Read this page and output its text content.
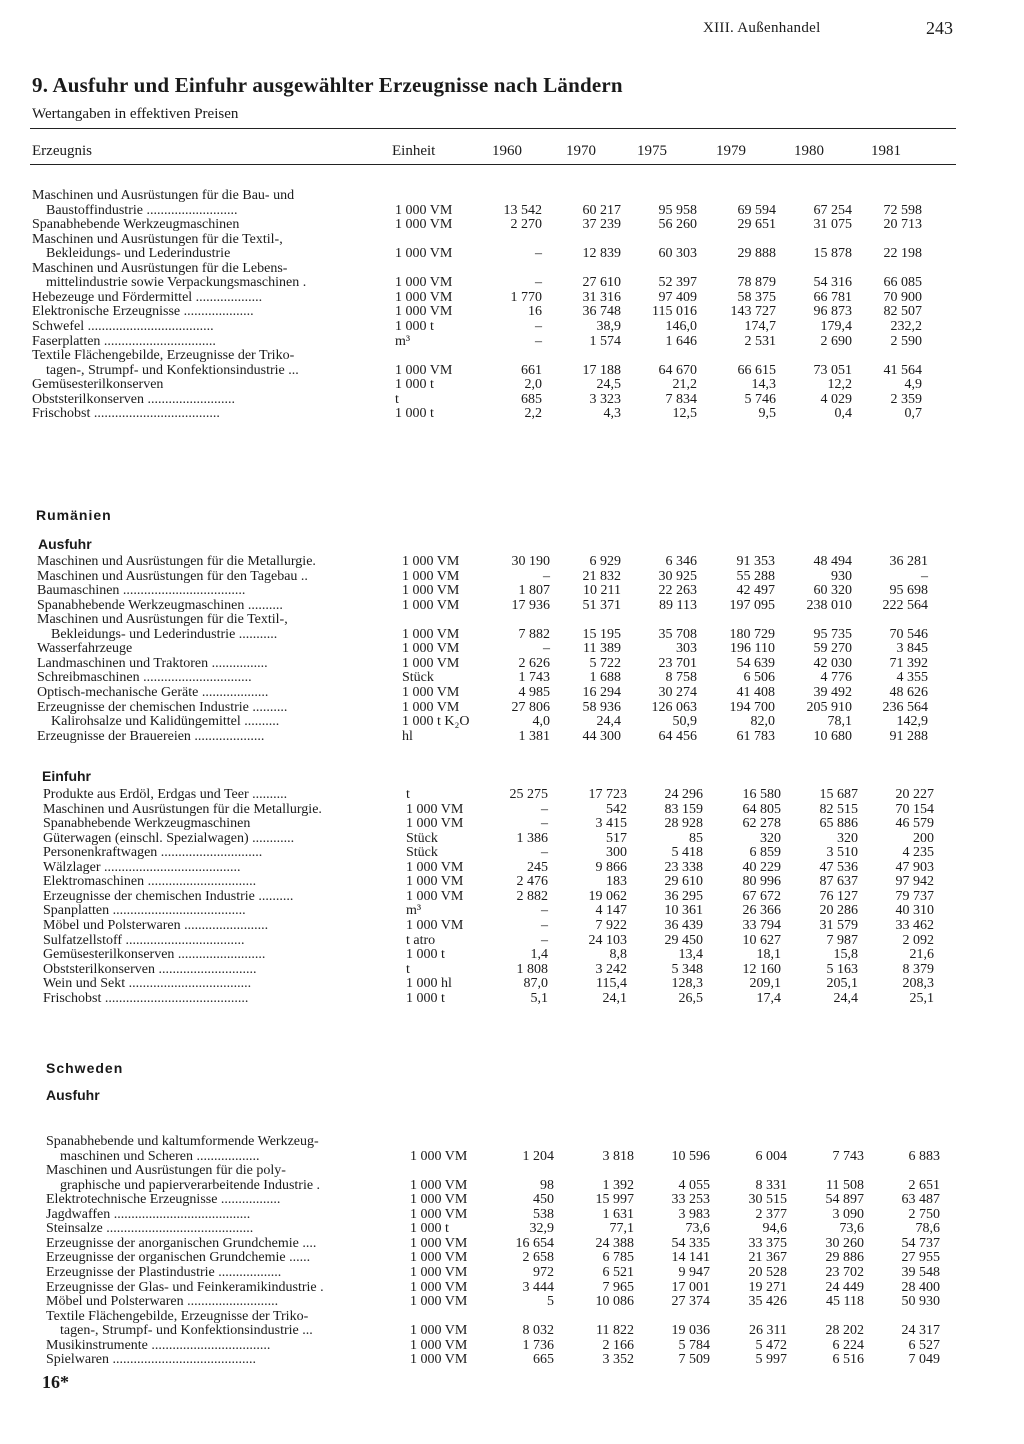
XIII. Außenhandel	243
9. Ausfuhr und Einfuhr ausgewählter Erzeugnisse nach Ländern
Wertangaben in effektiven Preisen
Erzeugnis	Einheit	1960	1970	1975	1979	1980	1981
Maschinen und Ausrüstungen für die Bau- und
Baustoffindustrie ..........................	1 000 VM	13 542	60 217	95 958	69 594	67 254	72 598
Spanabhebende Werkzeugmaschinen	1 000 VM	2 270	37 239	56 260	29 651	31 075	20 713
Maschinen und Ausrüstungen für die Textil-,
Bekleidungs- und Lederindustrie	1 000 VM	–	12 839	60 303	29 888	15 878	22 198
Maschinen und Ausrüstungen für die Lebens-
mittelindustrie sowie Verpackungsmaschinen .	1 000 VM	–	27 610	52 397	78 879	54 316	66 085
Hebezeuge und Fördermittel ...................	1 000 VM	1 770	31 316	97 409	58 375	66 781	70 900
Elektronische Erzeugnisse ....................	1 000 VM	16	36 748	115 016	143 727	96 873	82 507
Schwefel ....................................	1 000 t	–	38,9	146,0	174,7	179,4	232,2
Faserplatten ................................	m³	–	1 574	1 646	2 531	2 690	2 590
Textile Flächengebilde, Erzeugnisse der Triko-
tagen-, Strumpf- und Konfektionsindustrie ...	1 000 VM	661	17 188	64 670	66 615	73 051	41 564
Gemüsesterilkonserven	1 000 t	2,0	24,5	21,2	14,3	12,2	4,9
Obststerilkonserven .........................	t	685	3 323	7 834	5 746	4 029	2 359
Frischobst ....................................	1 000 t	2,2	4,3	12,5	9,5	0,4	0,7
Rumänien
Ausfuhr
Maschinen und Ausrüstungen für die Metallurgie.	1 000 VM	30 190	6 929	6 346	91 353	48 494	36 281
Maschinen und Ausrüstungen für den Tagebau ..	1 000 VM	–	21 832	30 925	55 288	930	–
Baumaschinen ...................................	1 000 VM	1 807	10 211	22 263	42 497	60 320	95 698
Spanabhebende Werkzeugmaschinen ..........	1 000 VM	17 936	51 371	89 113	197 095	238 010	222 564
Maschinen und Ausrüstungen für die Textil-,
Bekleidungs- und Lederindustrie ...........	1 000 VM	7 882	15 195	35 708	180 729	95 735	70 546
Wasserfahrzeuge	1 000 VM	–	11 389	303	196 110	59 270	3 845
Landmaschinen und Traktoren ................	1 000 VM	2 626	5 722	23 701	54 639	42 030	71 392
Schreibmaschinen ...............................	Stück	1 743	1 688	8 758	6 506	4 776	4 355
Optisch-mechanische Geräte ...................	1 000 VM	4 985	16 294	30 274	41 408	39 492	48 626
Erzeugnisse der chemischen Industrie ..........	1 000 VM	27 806	58 936	126 063	194 700	205 910	236 564
Kalirohsalze und Kalidüngemittel ..........	1 000 t K₂O	4,0	24,4	50,9	82,0	78,1	142,9
Erzeugnisse der Brauereien ....................	hl	1 381	44 300	64 456	61 783	10 680	91 288
Einfuhr
Produkte aus Erdöl, Erdgas und Teer ..........	t	25 275	17 723	24 296	16 580	15 687	20 227
Maschinen und Ausrüstungen für die Metallurgie.	1 000 VM	–	542	83 159	64 805	82 515	70 154
Spanabhebende Werkzeugmaschinen	1 000 VM	–	3 415	28 928	62 278	65 886	46 579
Güterwagen (einschl. Spezialwagen) ............	Stück	1 386	517	85	320	320	200
Personenkraftwagen .............................	Stück	–	300	5 418	6 859	3 510	4 235
Wälzlager .......................................	1 000 VM	245	9 866	23 338	40 229	47 536	47 903
Elektromaschinen ...............................	1 000 VM	2 476	183	29 610	80 996	87 637	97 942
Erzeugnisse der chemischen Industrie ..........	1 000 VM	2 882	19 062	36 295	67 672	76 127	79 737
Spanplatten ......................................	m³	–	4 147	10 361	26 366	20 286	40 310
Möbel und Polsterwaren ........................	1 000 VM	–	7 922	36 439	33 794	31 579	33 462
Sulfatzellstoff ..................................	t atro	–	24 103	29 450	10 627	7 987	2 092
Gemüsesterilkonserven .........................	1 000 t	1,4	8,8	13,4	18,1	15,8	21,6
Obststerilkonserven ............................	t	1 808	3 242	5 348	12 160	5 163	8 379
Wein und Sekt ...................................	1 000 hl	87,0	115,4	128,3	209,1	205,1	208,3
Frischobst .........................................	1 000 t	5,1	24,1	26,5	17,4	24,4	25,1
Schweden
Ausfuhr
Spanabhebende und kaltumformende Werkzeug-
maschinen und Scheren ..................	1 000 VM	1 204	3 818	10 596	6 004	7 743	6 883
Maschinen und Ausrüstungen für die poly-
graphische und papierverarbeitende Industrie .	1 000 VM	98	1 392	4 055	8 331	11 508	2 651
Elektrotechnische Erzeugnisse .................	1 000 VM	450	15 997	33 253	30 515	54 897	63 487
Jagdwaffen .......................................	1 000 VM	538	1 631	3 983	2 377	3 090	2 750
Steinsalze ..........................................	1 000 t	32,9	77,1	73,6	94,6	73,6	78,6
Erzeugnisse der anorganischen Grundchemie ....	1 000 VM	16 654	24 388	54 335	33 375	30 260	54 737
Erzeugnisse der organischen Grundchemie ......	1 000 VM	2 658	6 785	14 141	21 367	29 886	27 955
Erzeugnisse der Plastindustrie ..................	1 000 VM	972	6 521	9 947	20 528	23 702	39 548
Erzeugnisse der Glas- und Feinkeramikindustrie .	1 000 VM	3 444	7 965	17 001	19 271	24 449	28 400
Möbel und Polsterwaren ..........................	1 000 VM	5	10 086	27 374	35 426	45 118	50 930
Textile Flächengebilde, Erzeugnisse der Triko-
tagen-, Strumpf- und Konfektionsindustrie ...	1 000 VM	8 032	11 822	19 036	26 311	28 202	24 317
Musikinstrumente ..................................	1 000 VM	1 736	2 166	5 784	5 472	6 224	6 527
Spielwaren .........................................	1 000 VM	665	3 352	7 509	5 997	6 516	7 049
16*
